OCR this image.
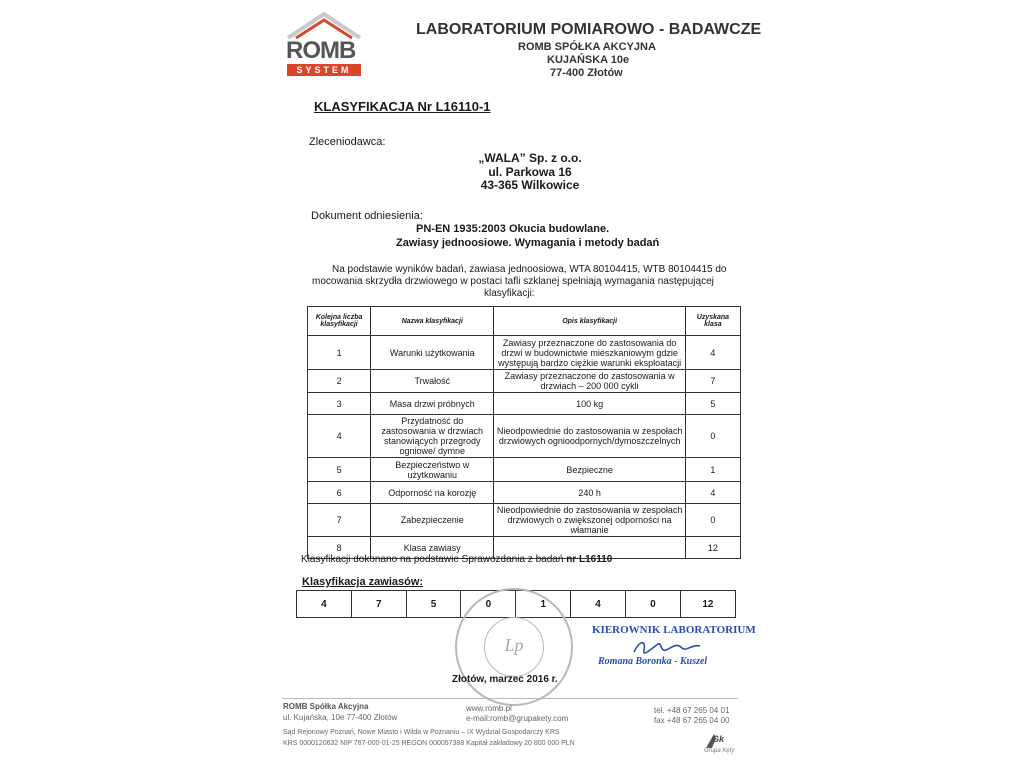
ROMB
SYSTEM
LABORATORIUM POMIAROWO - BADAWCZE
ROMB SPÓŁKA AKCYJNA
KUJAŃSKA 10e
77-400 Złotów
KLASYFIKACJA Nr L16110-1
Zleceniodawca:
„WALA” Sp. z o.o.
ul. Parkowa 16
43-365 Wilkowice
Dokument odniesienia:
PN-EN 1935:2003 Okucia budowlane.
Zawiasy jednoosiowe. Wymagania i metody badań
Na podstawie wyników badań, zawiasa jednoosiowa, WTA 80104415, WTB 80104415 do
mocowania skrzydła drzwiowego w postaci tafli szklanej spełniają wymagania następującej
klasyfikacji:
Kolejna liczba klasyfikacji	Nazwa klasyfikacji	Opis klasyfikacji	Uzyskana klasa
1	Warunki użytkowania	Zawiasy przeznaczone do zastosowania do drzwi w budownictwie mieszkaniowym gdzie występują bardzo ciężkie warunki eksploatacji	4
2	Trwałość	Zawiasy przeznaczone do zastosowania w drzwiach – 200 000 cykli	7
3	Masa drzwi próbnych	100 kg	5
4	Przydatność do zastosowania w drzwiach stanowiących przegrody ogniowe/ dymne	Nieodpowiednie do zastosowania w zespołach drzwiowych ognioodpornych/dymoszczelnych	0
5	Bezpieczeństwo w użytkowaniu	Bezpieczne	1
6	Odporność na korozję	240 h	4
7	Zabezpieczenie	Nieodpowiednie do zastosowania w zespołach drzwiowych o zwiększonej odporności na włamanie	0
8	Klasa zawiasy		12
Klasyfikacji dokonano na podstawie Sprawozdania z badań nr L16110
Klasyfikacja zawiasów:
4	7	5	0	1	4	0	12
Lp
KIEROWNIK LABORATORIUM
Romana Boronka - Kuszel
Złotów, marzec 2016 r.
ROMB Spółka Akcyjna
ul. Kujańska, 10e 77-400 Złotów
www.romb.pl
e-mail:romb@grupakety.com
tel. +48 67 265 04 01
fax +48 67 265 04 00
Sąd Rejonowy Poznań, Nowe Miasto i Wilda w Poznaniu – IX Wydział Gospodarczy KRS
KRS 0000120632 NIP 767-000-01-25 REGON 000057388 Kapitał zakładowy 20 800 000 PLN	Gk
Grupa Kęty
